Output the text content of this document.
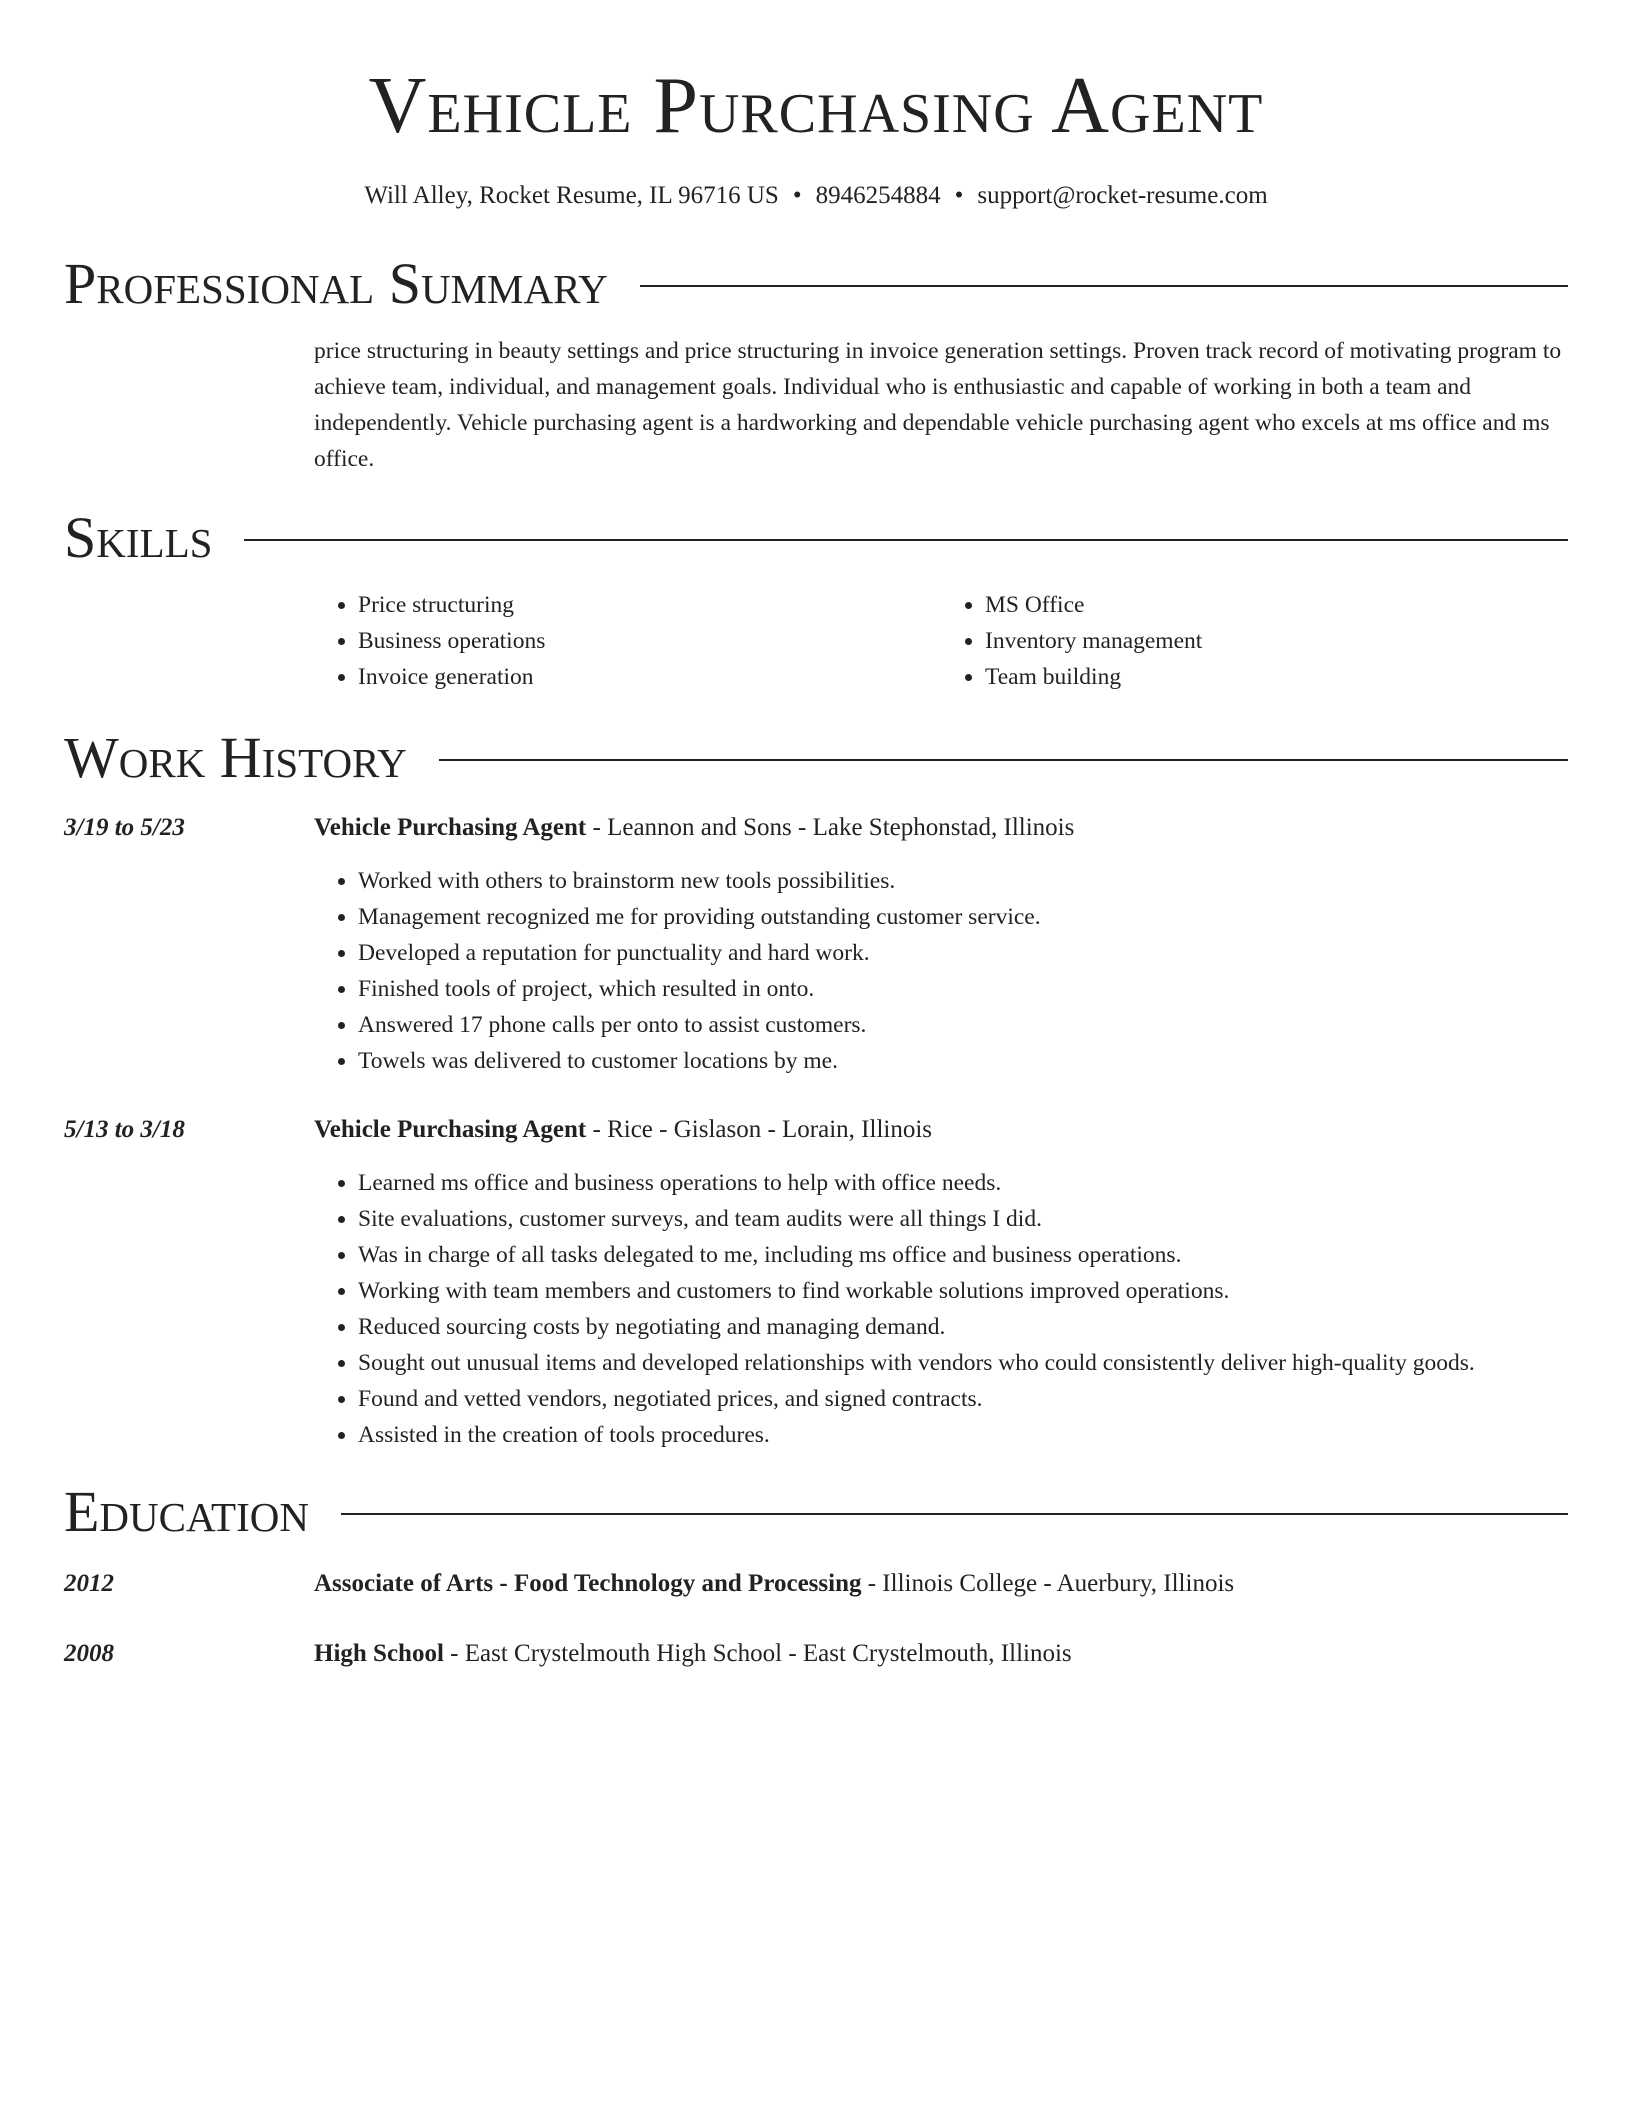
Vehicle Purchasing Agent
Will Alley, Rocket Resume, IL 96716 US • 8946254884 • support@rocket-resume.com
Professional Summary
price structuring in beauty settings and price structuring in invoice generation settings. Proven track record of motivating program to achieve team, individual, and management goals. Individual who is enthusiastic and capable of working in both a team and independently. Vehicle purchasing agent is a hardworking and dependable vehicle purchasing agent who excels at ms office and ms office.
Skills
• Price structuring
• Business operations
• Invoice generation
• MS Office
• Inventory management
• Team building
Work History
3/19 to 5/23	Vehicle Purchasing Agent - Leannon and Sons - Lake Stephonstad, Illinois
• Worked with others to brainstorm new tools possibilities.
• Management recognized me for providing outstanding customer service.
• Developed a reputation for punctuality and hard work.
• Finished tools of project, which resulted in onto.
• Answered 17 phone calls per onto to assist customers.
• Towels was delivered to customer locations by me.
5/13 to 3/18	Vehicle Purchasing Agent - Rice - Gislason - Lorain, Illinois
• Learned ms office and business operations to help with office needs.
• Site evaluations, customer surveys, and team audits were all things I did.
• Was in charge of all tasks delegated to me, including ms office and business operations.
• Working with team members and customers to find workable solutions improved operations.
• Reduced sourcing costs by negotiating and managing demand.
• Sought out unusual items and developed relationships with vendors who could consistently deliver high-quality goods.
• Found and vetted vendors, negotiated prices, and signed contracts.
• Assisted in the creation of tools procedures.
Education
2012	Associate of Arts - Food Technology and Processing - Illinois College - Auerbury, Illinois
2008	High School - East Crystelmouth High School - East Crystelmouth, Illinois
